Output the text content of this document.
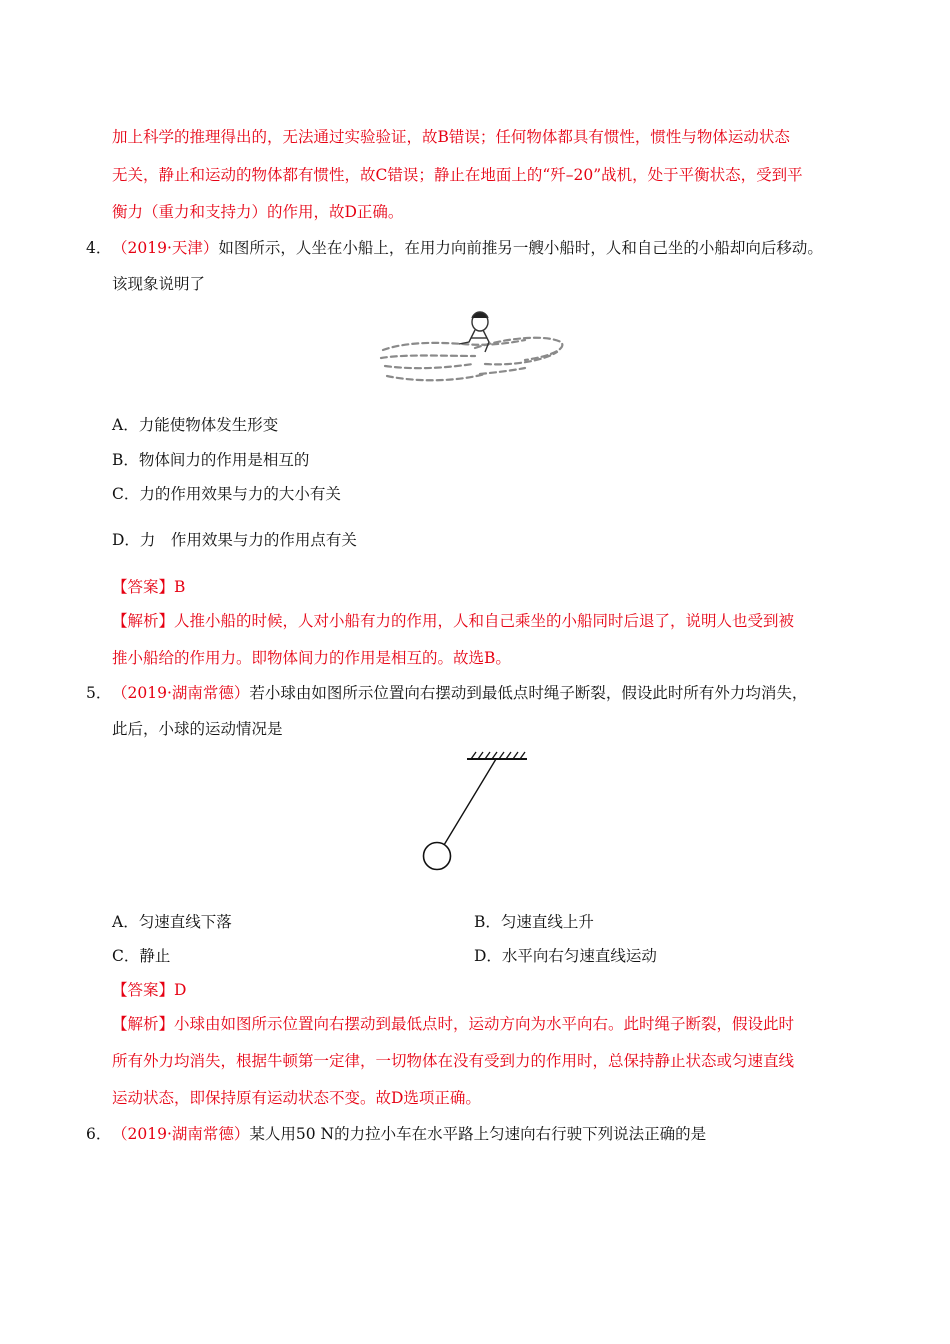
加上科学的推理得出的，无法通过实验验证，故B错误；任何物体都具有惯性，惯性与物体运动状态
无关，静止和运动的物体都有惯性，故C错误；静止在地面上的“歼–20”战机，处于平衡状态，受到平
衡力（重力和支持力）的作用，故D正确。
4． （2019·天津）如图所示，人坐在小船上，在用力向前推另一艘小船时，人和自己坐的小船却向后移动。
该现象说明了
A．力能使物体发生形变
B．物体间力的作用是相互的
C．力的作用效果与力的大小有关
D．力　作用效果与力的作用点有关
【答案】B
【解析】人推小船的时候，人对小船有力的作用，人和自己乘坐的小船同时后退了，说明人也受到被
推小船给的作用力。即物体间力的作用是相互的。故选B。
5． （2019·湖南常德）若小球由如图所示位置向右摆动到最低点时绳子断裂，假设此时所有外力均消失，
此后，小球的运动情况是
A．匀速直线下落	B．匀速直线上升
C．静止	D．水平向右匀速直线运动
【答案】D
【解析】小球由如图所示位置向右摆动到最低点时，运动方向为水平向右。此时绳子断裂，假设此时
所有外力均消失，根据牛顿第一定律，一切物体在没有受到力的作用时，总保持静止状态或匀速直线
运动状态，即保持原有运动状态不变。故D选项正确。
6． （2019·湖南常德）某人用50 N的力拉小车在水平路上匀速向右行驶下列说法正确的是
